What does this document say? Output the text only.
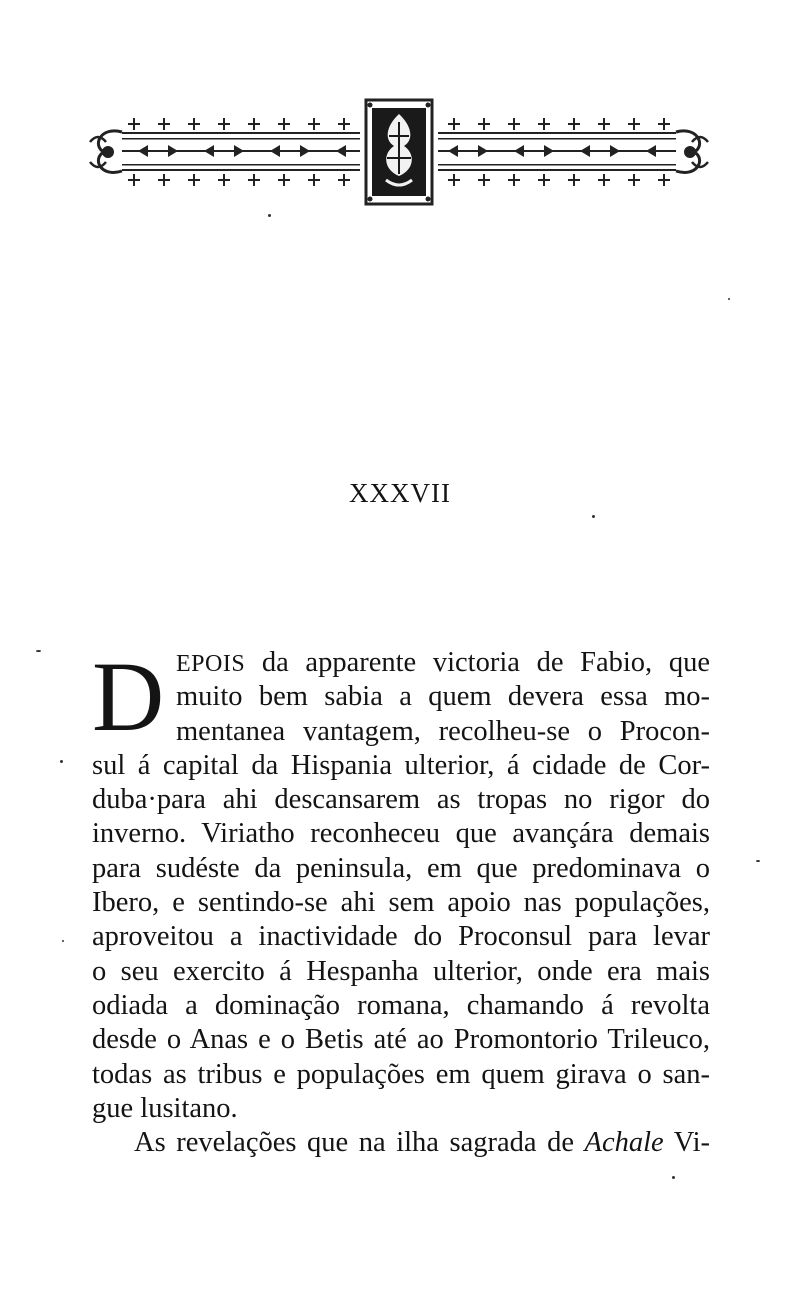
XXXVII
D EPOIS da apparente victoria de Fabio, que
muito bem sabia a quem devera essa mo-
mentanea vantagem, recolheu-se o Procon-
sul á capital da Hispania ulterior, á cidade de Cor-
duba·para ahi descansarem as tropas no rigor do
inverno. Viriatho reconheceu que avançára demais
para sudéste da peninsula, em que predominava o
Ibero, e sentindo-se ahi sem apoio nas populações,
aproveitou a inactividade do Proconsul para levar
o seu exercito á Hespanha ulterior, onde era mais
odiada a dominação romana, chamando á revolta
desde o Anas e o Betis até ao Promontorio Trileuco,
todas as tribus e populações em quem girava o san-
gue lusitano.
As revelações que na ilha sagrada de Achale Vi-
